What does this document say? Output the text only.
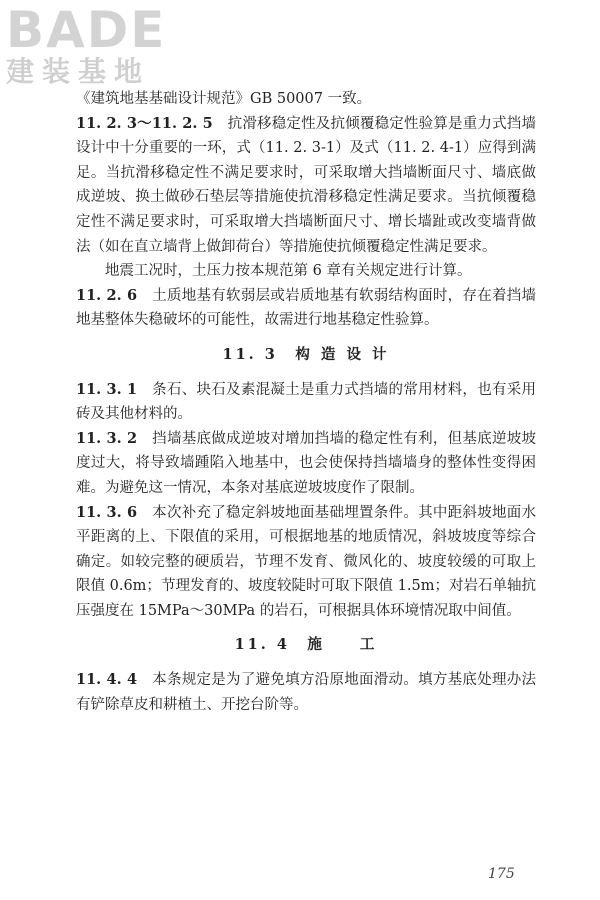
BADE
建装基地

《建筑地基基础设计规范》GB 50007 一致。

11. 2. 3～11. 2. 5　 抗滑移稳定性及抗倾覆稳定性验算是重力式挡墙设计中十分重要的一环，式（11. 2. 3-1）及式（11. 2. 4-1）应得到满足。当抗滑移稳定性不满足要求时，可采取增大挡墙断面尺寸、墙底做成逆坡、换土做砂石垫层等措施使抗滑移稳定性满足要求。当抗倾覆稳定性不满足要求时，可采取增大挡墙断面尺寸、增长墙趾或改变墙背做法（如在直立墙背上做卸荷台）等措施使抗倾覆稳定性满足要求。

地震工况时，土压力按本规范第 6 章有关规定进行计算。

11. 2. 6　 土质地基有软弱层或岩质地基有软弱结构面时，存在着挡墙地基整体失稳破坏的可能性，故需进行地基稳定性验算。

11. 3　构 造 设 计

11. 3. 1　 条石、块石及素混凝土是重力式挡墙的常用材料，也有采用砖及其他材料的。

11. 3. 2　 挡墙基底做成逆坡对增加挡墙的稳定性有利，但基底逆坡坡度过大，将导致墙踵陷入地基中，也会使保持挡墙墙身的整体性变得困难。为避免这一情况，本条对基底逆坡坡度作了限制。

11. 3. 6　 本次补充了稳定斜坡地面基础埋置条件。其中距斜坡地面水平距离的上、下限值的采用，可根据地基的地质情况，斜坡坡度等综合确定。如较完整的硬质岩，节理不发育、微风化的、坡度较缓的可取上限值 0.6m；节理发育的、坡度较陡时可取下限值 1.5m；对岩石单轴抗压强度在 15MPa～30MPa 的岩石，可根据具体环境情况取中间值。

11. 4　施　　工

11. 4. 4　 本条规定是为了避免填方沿原地面滑动。填方基底处理办法有铲除草皮和耕植土、开挖台阶等。

175
